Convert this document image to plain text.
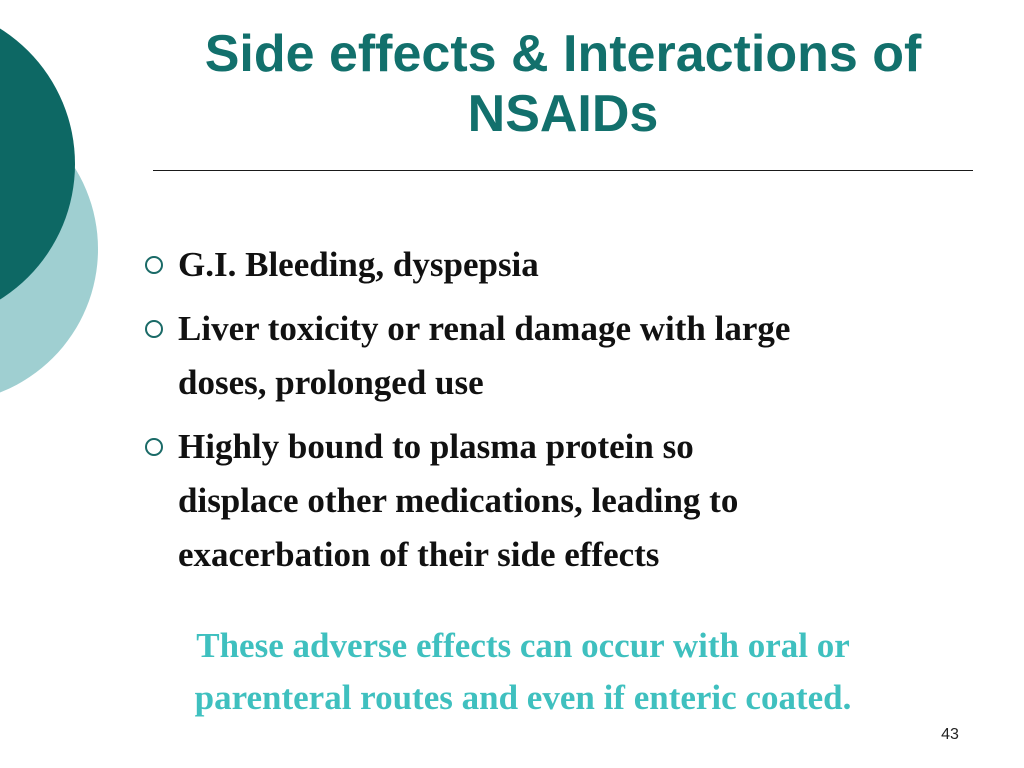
Side effects & Interactions of
NSAIDs
G.I. Bleeding, dyspepsia
Liver toxicity or renal damage with large
doses, prolonged use
Highly bound to plasma protein so
displace other medications, leading to
exacerbation of their side effects

These adverse effects can occur with oral or
parenteral routes and even if enteric coated.

43
